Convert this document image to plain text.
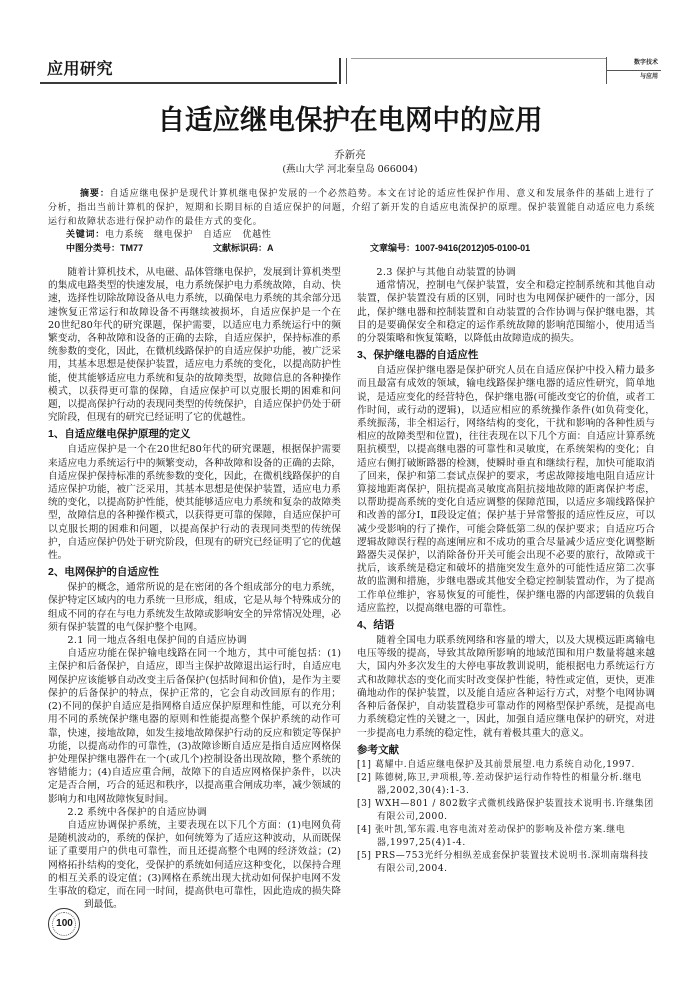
应用研究	数字技术
与应用
自适应继电保护在电网中的应用
乔新亮
(燕山大学 河北秦皇岛 066004)
摘要：自适应继电保护是现代计算机继电保护发展的一个必然趋势。本文在讨论的适应性保护作用、意义和发展条件的基础上进行了分析，指出当前计算机的保护，短期和长期目标的自适应保护的问题，介绍了新开发的自适应电流保护的原理。保护装置能自动适应电力系统运行和故障状态进行保护动作的最佳方式的变化。
关键词：电力系统 继电保护 自适应 优越性
中图分类号：TM77	文献标识码：A	文章编号：1007-9416(2012)05-0100-01
100

随着计算机技术，从电磁、晶体管继电保护，发展到计算机类型的集成电路类型的快速发展，电力系统保护电力系统故障，自动、快速，选择性切除故障设备从电力系统，以确保电力系统的其余部分迅速恢复正常运行和故障设备不再继续被损坏，自适应保护是一个在20世纪80年代的研究课题，保护需要，以适应电力系统运行中的频繁变动，各种故障和设备的正确的去除，自适应保护，保持标准的系统参数的变化，因此，在微机线路保护的自适应保护功能，被广泛采用，其基本思想是使保护装置，适应电力系统的变化，以提高防护性能，使其能够适应电力系统和复杂的故障类型，故障信息的各种操作模式，以获得更可靠的保障，自适应保护可以克服长期的困难和问题，以提高保护行动的表现同类型的传统保护，自适应保护仍处于研究阶段，但现有的研究已经证明了它的优越性。

1、自适应继电保护原理的定义

自适应保护是一个在20世纪80年代的研究课题，根据保护需要来适应电力系统运行中的频繁变动，各种故障和设备的正确的去除，自适应保护保持标准的系统参数的变化，因此，在微机线路保护的自适应保护功能，被广泛采用，其基本思想是使保护装置，适应电力系统的变化，以提高防护性能，使其能够适应电力系统和复杂的故障类型，故障信息的各种操作模式，以获得更可靠的保障，自适应保护可以克服长期的困难和问题，以提高保护行动的表现同类型的传统保护，自适应保护仍处于研究阶段，但现有的研究已经证明了它的优越性。

2、电网保护的自适应性

保护的概念，通常所说的是在密闭的各个组成部分的电力系统，保护特定区域内的电力系统一旦形成，组成，它是从每个特殊成分的组成不同的存在与电力系统发生故障或影响安全的异常情况处理，必须有保护装置的电气保护整个电网。

2.1 同一地点各组电保护间的自适应协调

自适应功能在保护输电线路在同一个地方，其中可能包括：(1)主保护和后备保护，自适应，即当主保护故障退出运行时，自适应电网保护应该能够自动改变主后备保护(包括时间和价值)，是作为主要保护的后备保护的特点，保护正常的，它会自动改回原有的作用；(2)不同的保护自适应是指网格自适应保护原理和性能，可以充分利用不同的系统保护继电器的原则和性能提高整个保护系统的动作可靠，快速，接地故障，如发生接地故障保护行动的反应和锁定等保护功能，以提高动作的可靠性，(3)故障诊断自适应是指自适应网格保护处理保护继电器件在一个(或几个)控制设备出现故障，整个系统的容错能力；(4)自适应重合闸，故障下的自适应网格保护条件，以决定是否合闸，巧合的延迟和秩序，以提高重合闸成功率，减少领域的影响力和电网故障恢复时间。

2.2 系统中各保护的自适应协调

自适应协调保护系统，主要表现在以下几个方面：(1)电网负荷是随机波动的，系统的保护，如何统筹为了适应这种波动，从而既保证了重要用户的供电可靠性，而且还提高整个电网的经济效益；(2)网格拓扑结构的变化，受保护的系统如何适应这种变化，以保持合理的相互关系的设定值；(3)网格在系统出现大扰动如何保护电网不发生事故的稳定，而在同一时间，提高供电可靠性，因此造成的损失降到最低。

2.3 保护与其他自动装置的协调

通常情况，控制电气保护装置，安全和稳定控制系统和其他自动装置，保护装置没有质的区别，同时也为电网保护硬件的一部分，因此，保护继电器和控制装置和自动装置的合作协调与保护继电器，其目的是要确保安全和稳定的运作系统故障的影响范围缩小，使用适当的分裂策略和恢复策略，以降低由故障造成的损失。

3、保护继电器的自适应性

自适应保护继电器是保护研究人员在自适应保护中投入精力最多而且最富有成效的领域，输电线路保护继电器的适应性研究，简单地说，是适应变化的经营特色，保护继电器(可能改变它的价值，或者工作时间，或行动的逻辑)，以适应相应的系统操作条件(如负荷变化，系统振荡，非全相运行，网络结构的变化，干扰和影响的各种性质与相应的故障类型和位置)，往往表现在以下几个方面：自适应计算系统阻抗模型，以提高继电器的可靠性和灵敏度，在系统架构的变化；自适应右侧打破断路器的检测，使瞬时垂直和继续行程，加快可能取消了回来，保护和第二套试点保护的要求，考虑故障接地电阻自适应计算接地距离保护，阻抗提高灵敏度高阻抗接地故障的距离保护考虑，以帮助提高系统的变化自适应调整的保障范围，以适应多端线路保护和改善的部分Ⅰ，Ⅱ段设定值；保护基于异常警报的适应性反应，可以减少受影响的行了操作，可能会降低第二纵的保护要求；自适应巧合逻辑故障误行程的高速闸应和不成功的重合尽量减少适应变化调整断路器失灵保护，以消除备份开关可能会出现不必要的旅行，故障或干扰后，该系统是稳定和破坏的措施突发生意外的可能性适应第二次事故的监测和措施，步继电器或其他安全稳定控制装置动作，为了提高工作单位维护，容易恢复的可能性，保护继电器的内部逻辑的负载自适应监控，以提高继电器的可靠性。

4、结语

随着全国电力联系统网络和容量的增大，以及大规模远距离输电电压等级的提高，导致其故障所影响的地域范围和用户数量将越来越大，国内外多次发生的大停电事故教训说明，能根据电力系统运行方式和故障状态的变化而实时改变保护性能，特性或定值，更快，更准确地动作的保护装置，以及能自适应各种运行方式，对整个电网协调各种后备保护，自动装置稳步可靠动作的网格型保护系统，是提高电力系统稳定性的关键之一，因此，加强自适应继电保护的研究，对进一步提高电力系统的稳定性，就有着极其重大的意义。

参考文献
[1] 葛耀中.自适应继电保护及其前景展望.电力系统自动化,1997.
[2] 陈德树,陈卫,尹项根,等.差动保护运行动作特性的相量分析.继电器,2002,30(4):1-3.
[3] WXH—801 / 802数字式微机线路保护装置技术说明书.许继集团有限公司,2000.
[4] 张叶凯,邹东霞.电容电流对差动保护的影响及补偿方案.继电器,1997,25(4)1-4.
[5] PRS—753光纤分相纵差成套保护装置技术说明书.深圳南瑞科技有限公司,2004.
